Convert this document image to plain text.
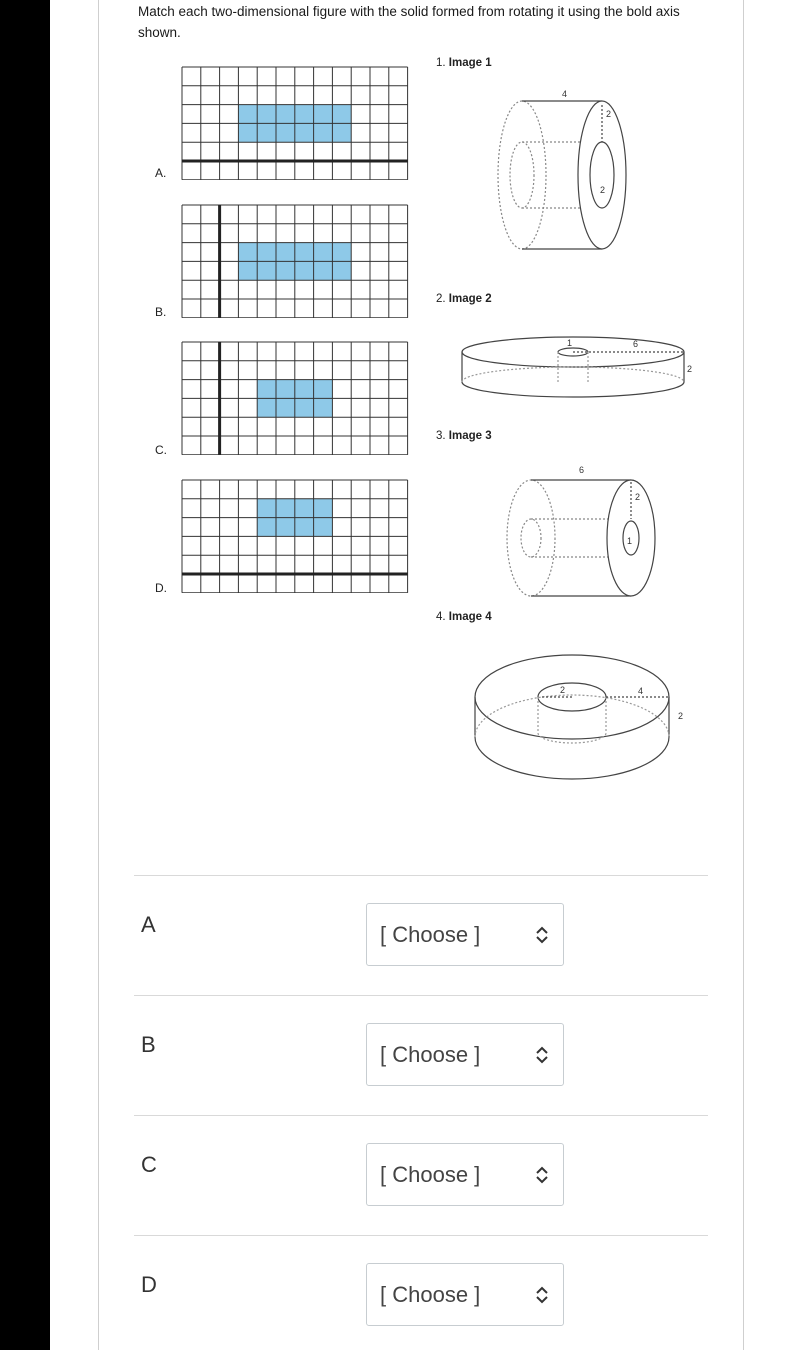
Match each two-dimensional figure with the solid formed from rotating it using the bold axis shown.
A.
B.
C.
D.
1. Image 1
2. Image 2
3. Image 3
4. Image 4
4
2
2
1	6
2
6
2
1
2	4
2
A	[ Choose ]
B	[ Choose ]
C	[ Choose ]
D	[ Choose ]
